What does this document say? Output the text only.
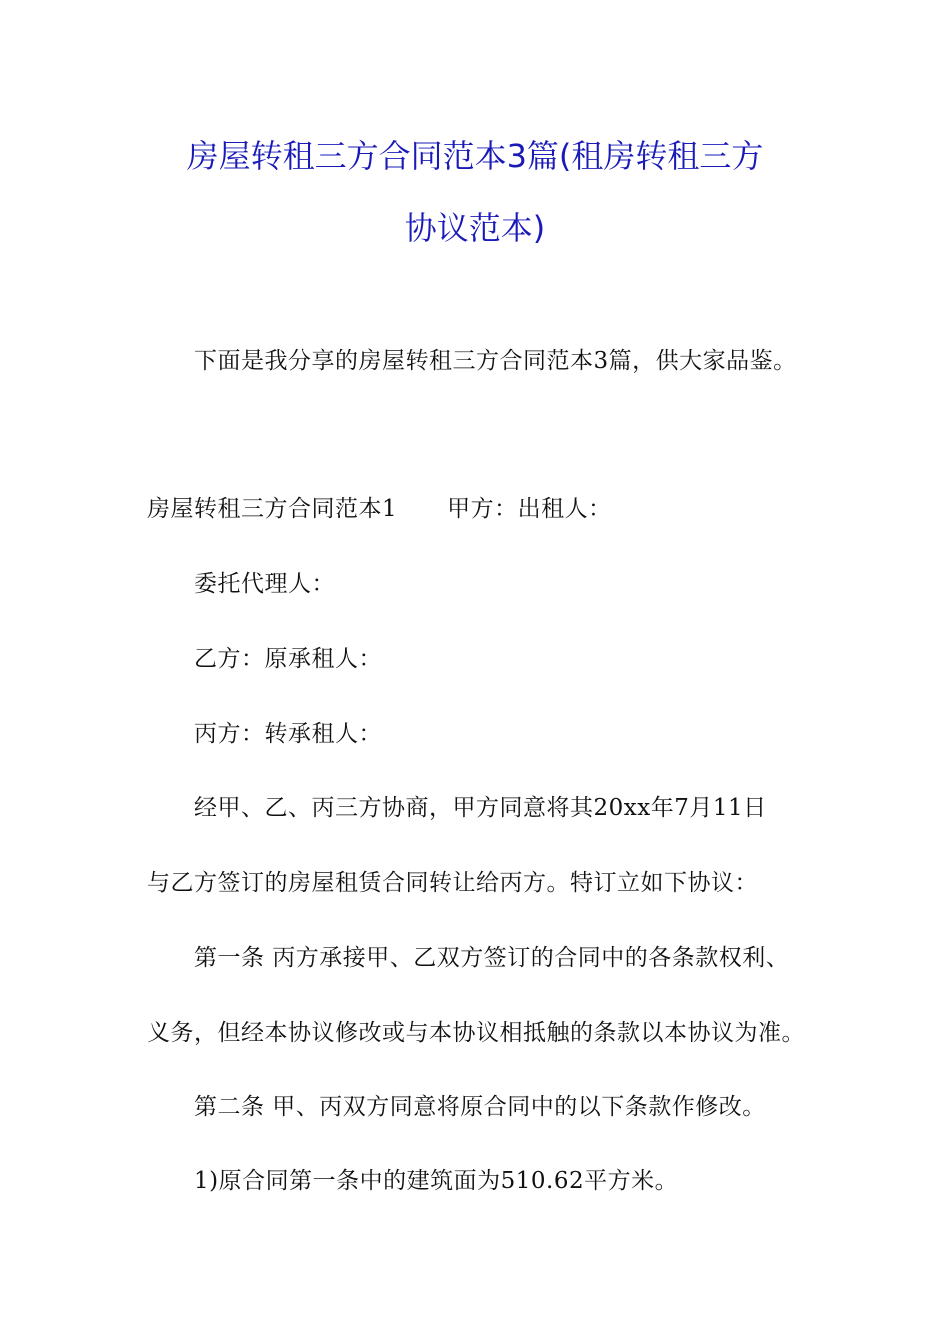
房屋转租三方合同范本3篇(租房转租三方
协议范本)
下面是我分享的房屋转租三方合同范本3篇，供大家品鉴。
房屋转租三方合同范本1 甲方：出租人：
委托代理人：
乙方：原承租人：
丙方：转承租人：
经甲、乙、丙三方协商，甲方同意将其20xx年7月11日
与乙方签订的房屋租赁合同转让给丙方。特订立如下协议：
第一条 丙方承接甲、乙双方签订的合同中的各条款权利、
义务，但经本协议修改或与本协议相抵触的条款以本协议为准。
第二条 甲、丙双方同意将原合同中的以下条款作修改。
1)原合同第一条中的建筑面为510.62平方米。
